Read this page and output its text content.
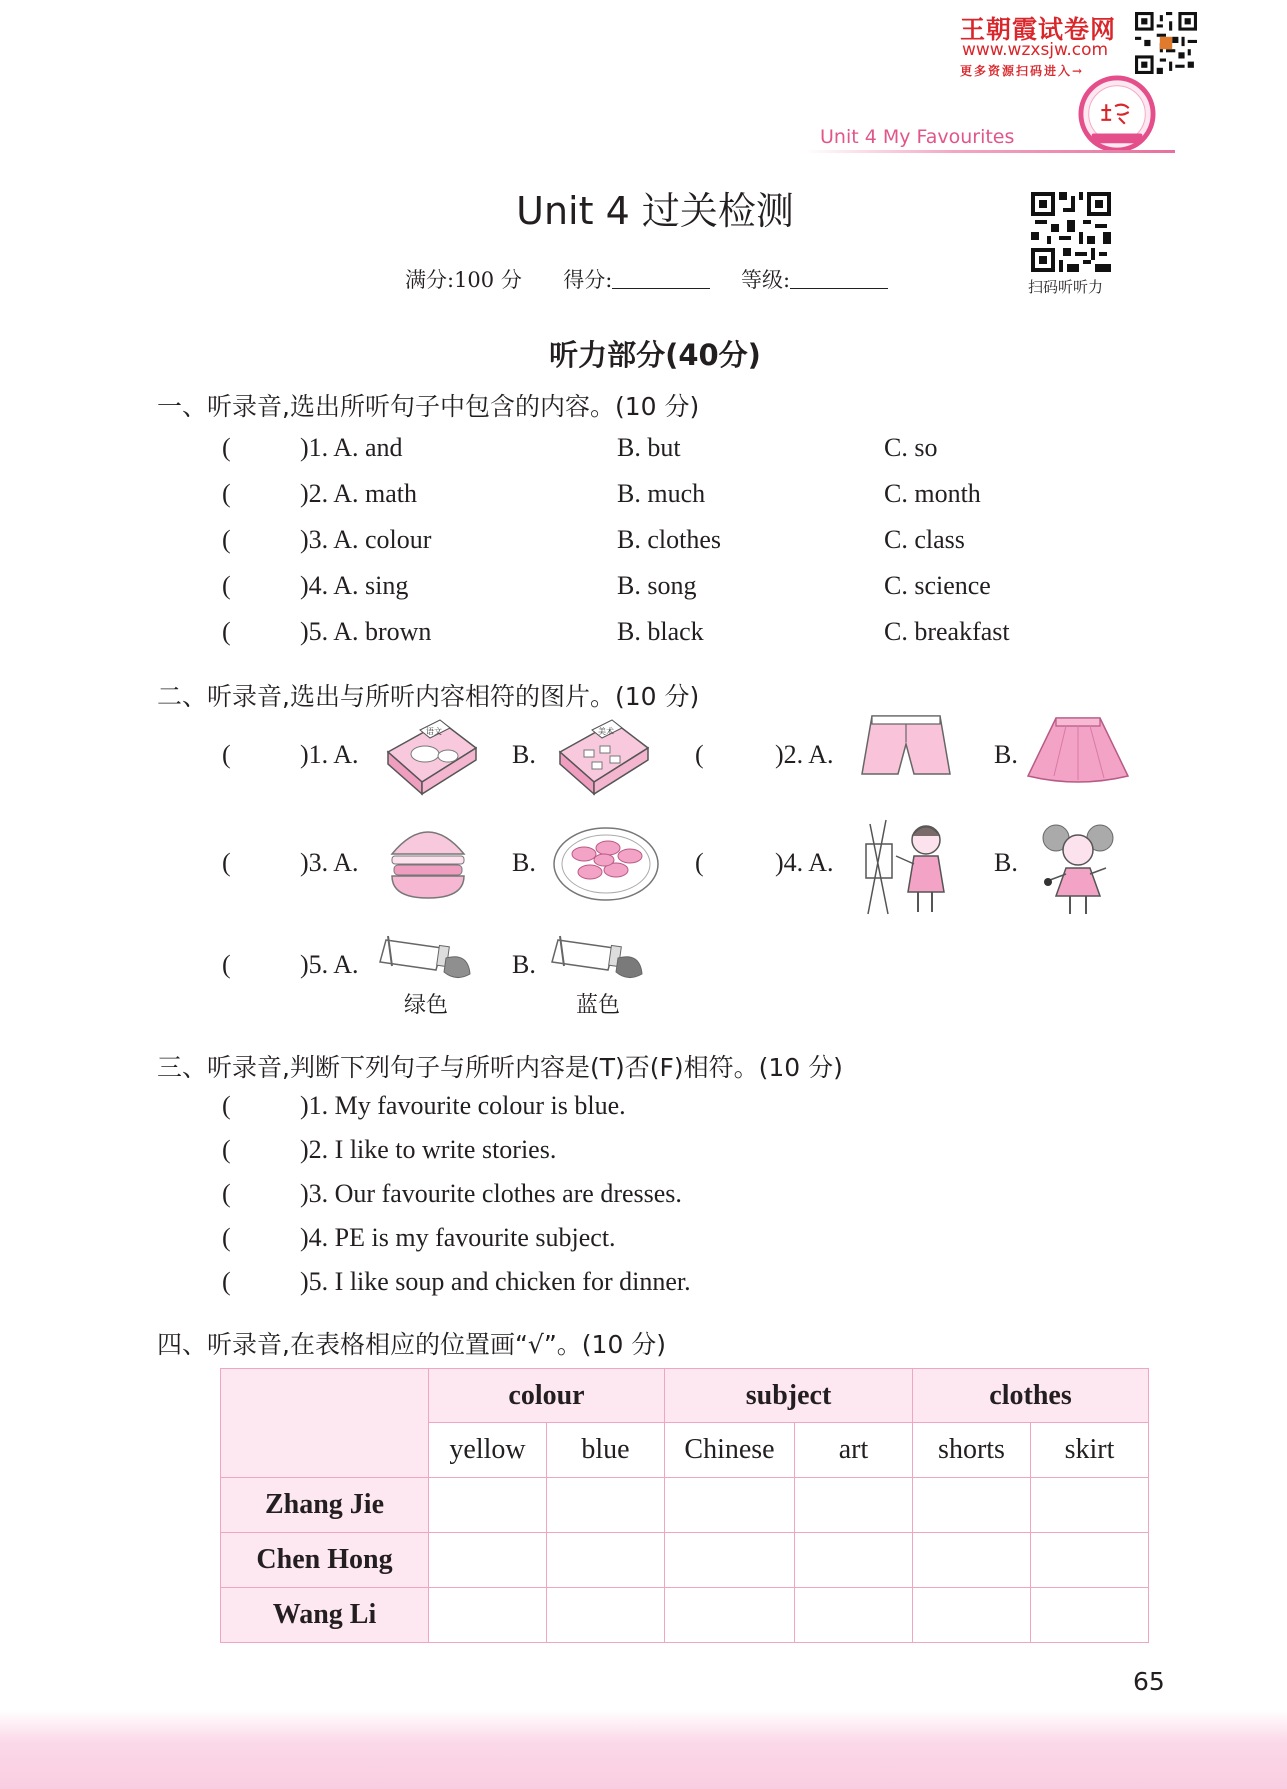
王朝霞试卷网
www.wzxsjw.com
更多资源扫码进入→
Unit 4 My Favourites
Unit 4 过关检测
扫码听听力
满分:100 分 得分:	等级:
听力部分(40分)
一、听录音,选出所听句子中包含的内容。(10 分)
(	)1. A. and	B. but	C. so
(	)2. A. math	B. much	C. month
(	)3. A. colour	B. clothes	C. class
(	)4. A. sing	B. song	C. science
(	)5. A. brown	B. black	C. breakfast
二、听录音,选出与所听内容相符的图片。(10 分)
(	)1. A.	B.	(	)2. A.	B.
(	)3. A.	B.	(	)4. A.	B.
(	)5. A.	B.
语文	美术
绿色	蓝色
三、听录音,判断下列句子与所听内容是(T)否(F)相符。(10 分)
(	)1. My favourite colour is blue.
(	)2. I like to write stories.
(	)3. Our favourite clothes are dresses.
(	)4. PE is my favourite subject.
(	)5. I like soup and chicken for dinner.
四、听录音,在表格相应的位置画“√”。(10 分)
	colour		subject		clothes	
	yellow	blue	Chinese	art	shorts	skirt
Zhang Jie						
Chen Hong						
Wang Li						
65
